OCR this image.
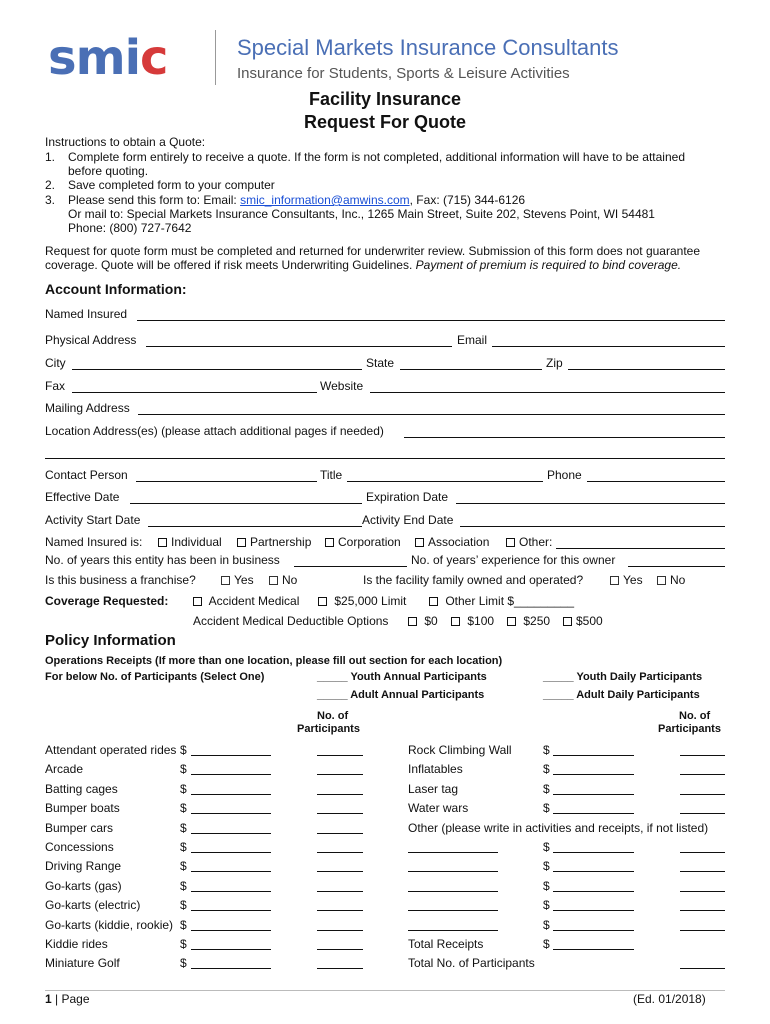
smic	Special Markets Insurance Consultants
Insurance for Students, Sports & Leisure Activities
Facility Insurance
Request For Quote
Instructions to obtain a Quote:
1. Complete form entirely to receive a quote. If the form is not completed, additional information will have to be attained
before quoting.
2. Save completed form to your computer
3. Please send this form to: Email: smic_information@amwins.com, Fax: (715) 344-6126
Or mail to: Special Markets Insurance Consultants, Inc., 1265 Main Street, Suite 202, Stevens Point, WI 54481
Phone: (800) 727-7642
Request for quote form must be completed and returned for underwriter review. Submission of this form does not guarantee
coverage. Quote will be offered if risk meets Underwriting Guidelines. Payment of premium is required to bind coverage.
Account Information:
Named Insured
Physical Address	Email
City	State	Zip
Fax	Website
Mailing Address
Location Address(es) (please attach additional pages if needed)
Contact Person	Title	Phone
Effective Date	Expiration Date
Activity Start Date	Activity End Date
Named Insured is:	Individual	Partnership	Corporation	Association	Other:
No. of years this entity has been in business	No. of years’ experience for this owner
Is this business a franchise?	Yes	No	Is the facility family owned and operated?	Yes	No
Coverage Requested:	Accident Medical	$25,000 Limit	Other Limit $_________
Accident Medical Deductible Options	$0	$100	$250	$500
Policy Information
Operations Receipts (If more than one location, please fill out section for each location)
For below No. of Participants (Select One)	_____ Youth Annual Participants
_____ Adult Annual Participants
_____ Youth Daily Participants
_____ Adult Daily Participants
No. of
Participants
No. of
Participants
Attendant operated rides $
Arcade	$
Batting cages	$
Bumper boats	$
Bumper cars	$
Concessions	$
Driving Range	$
Go-karts (gas)	$
Go-karts (electric)	$
Go-karts (kiddie, rookie) $
Kiddie rides	$
Miniature Golf	$
Rock Climbing Wall	$
Inflatables	$
Laser tag	$
Water wars	$
Other (please write in activities and receipts, if not listed)
$
$
$
$
$
Total Receipts	$
Total No. of Participants
1 | Page	(Ed. 01/2018)
